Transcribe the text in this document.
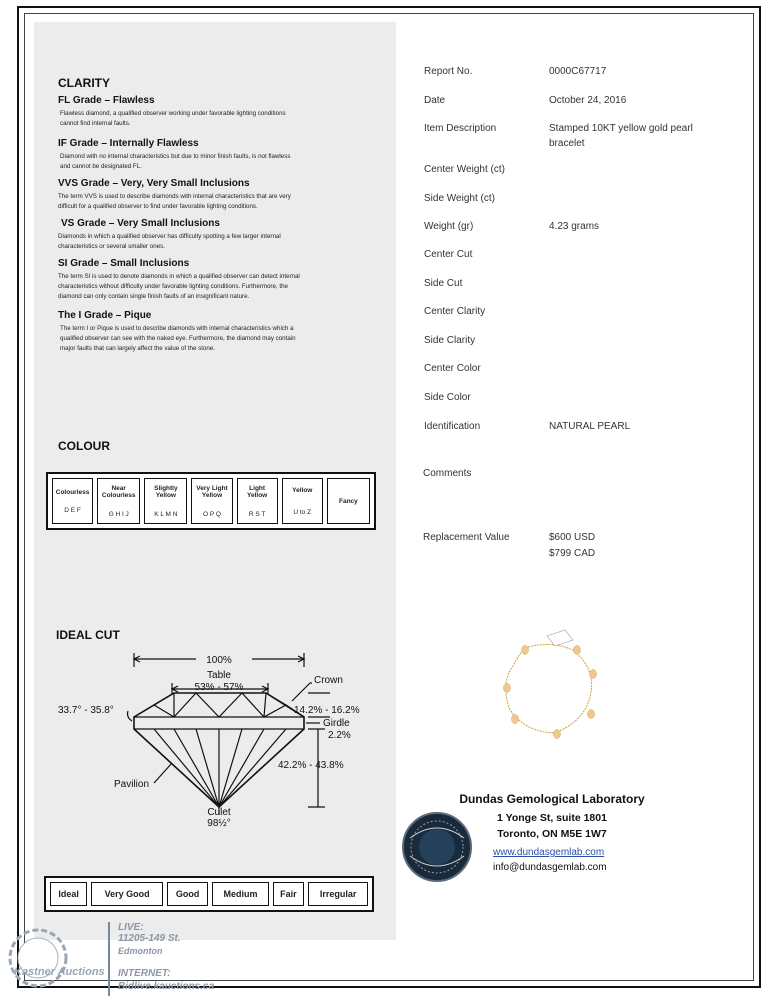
CLARITY
FL Grade – Flawless
Flawless diamond, a qualified observer working under favorable lighting conditions
cannot find internal faults.
IF Grade – Internally Flawless
Diamond with no internal characteristics but due to minor finish faults, is not flawless
and cannot be designated FL.
VVS Grade – Very, Very Small Inclusions
The term VVS is used to describe diamonds with internal characteristics that are very
difficult for a qualified observer to find under favorable lighting conditions.
VS Grade – Very Small Inclusions
Diamonds in which a qualified observer has difficulty spotting a few larger internal
characteristics or several smaller ones.
SI Grade – Small Inclusions
The term SI is used to denote diamonds in which a qualified observer can detect internal
characteristics without difficulty under favorable lighting conditions. Furthermore, the
diamond can only contain single finish faults of an insignificant nature.
The I Grade – Pique
The term I or Pique is used to describe diamonds with internal characteristics which a
qualified observer can see with the naked eye. Furthermore, the diamond may contain
major faults that can largely affect the value of the stone.
COLOUR
Colourless
D E F

Near Colourless
G H I J

Slightly Yellow
K L M N

Very Light Yellow
O P Q

Light Yellow
R S T

Yellow
U to Z

Fancy
IDEAL CUT
100%
Table
53% - 57%
Crown
33.7° - 35.8°	14.2% - 16.2%
Girdle
2.2%
42.2% - 43.8%
Pavilion
Culet
98½°
Ideal	Very Good	Good	Medium	Fair	Irregular
Report No.	0000C67717
Date	October 24, 2016
Item Description	Stamped 10KT yellow gold pearl bracelet
Center Weight (ct)
Side Weight (ct)
Weight (gr)	4.23 grams
Center Cut
Side Cut
Center Clarity
Side Clarity
Center Color
Side Color
Identification	NATURAL PEARL
Comments
Replacement Value	$600 USD
$799 CAD
Dundas Gemological Laboratory
1 Yonge St, suite 1801
Toronto, ON M5E 1W7
www.dundasgemlab.com
info@dundasgemlab.com
Kastner Auctions
LIVE:
11205-149 St.
Edmonton
INTERNET:
Bidlive.kauctions.ca
